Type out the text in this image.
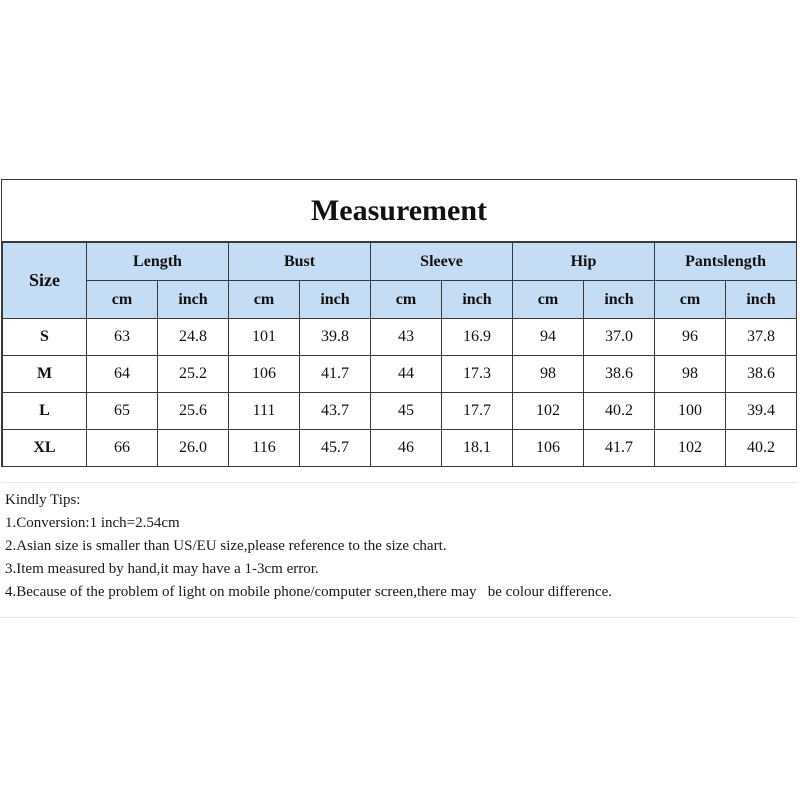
Measurement
Size	Length		Bust		Sleeve		Hip		Pantslength	
	cm	inch	cm	inch	cm	inch	cm	inch	cm	inch
S	63	24.8	101	39.8	43	16.9	94	37.0	96	37.8
M	64	25.2	106	41.7	44	17.3	98	38.6	98	38.6
L	65	25.6	111	43.7	45	17.7	102	40.2	100	39.4
XL	66	26.0	116	45.7	46	18.1	106	41.7	102	40.2
Kindly Tips:
1.Conversion:1 inch=2.54cm
2.Asian size is smaller than US/EU size,please reference to the size chart.
3.Item measured by hand,it may have a 1-3cm error.
4.Because of the problem of light on mobile phone/computer screen,there may   be colour difference.
